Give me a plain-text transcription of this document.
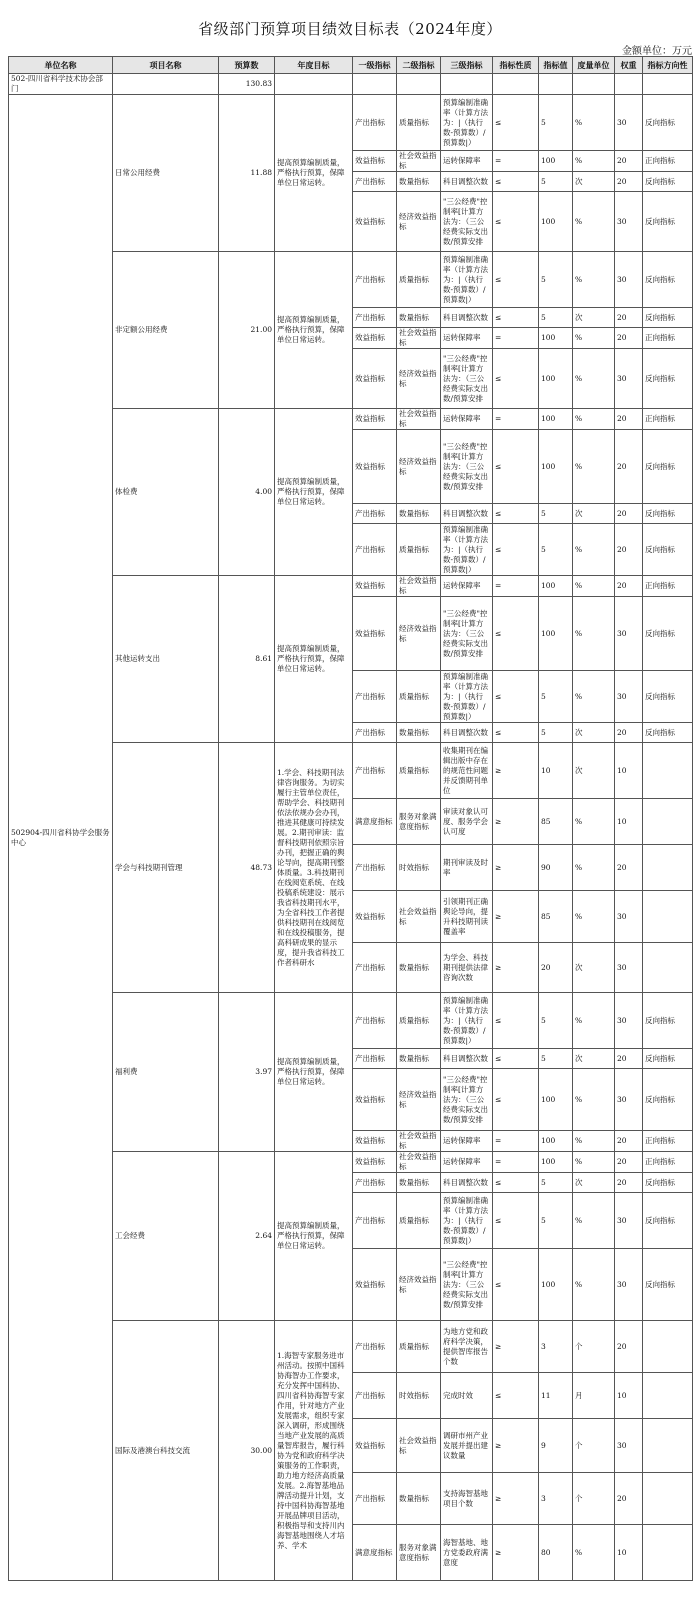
省级部门预算项目绩效目标表（2024年度）
金额单位：万元
单位名称	项目名称	预算数	年度目标	一级指标	二级指标	三级指标	指标性质	指标值	度量单位	权重	指标方向性
502-四川省科学技术协会部门		130.83									
502904-四川省科协学会服务中心	日常公用经费	11.88	提高预算编制质量，严格执行预算，保障单位日常运转。	产出指标	质量指标	预算编制准确率（计算方法为：|（执行数-预算数）/预算数|）	≤	5	%	30	反向指标
				效益指标	社会效益指标	运转保障率	=	100	%	20	正向指标
				产出指标	数量指标	科目调整次数	≤	5	次	20	反向指标
				效益指标	经济效益指标	"三公经费"控制率[计算方法为：（三公经费实际支出数/预算安排	≤	100	%	30	反向指标
	非定额公用经费	21.00	提高预算编制质量，严格执行预算，保障单位日常运转。	产出指标	质量指标	预算编制准确率（计算方法为：|（执行数-预算数）/预算数|）	≤	5	%	30	反向指标
				产出指标	数量指标	科目调整次数	≤	5	次	20	反向指标
				效益指标	社会效益指标	运转保障率	=	100	%	20	正向指标
				效益指标	经济效益指标	"三公经费"控制率[计算方法为：（三公经费实际支出数/预算安排	≤	100	%	30	反向指标
	体检费	4.00	提高预算编制质量，严格执行预算，保障单位日常运转。	效益指标	社会效益指标	运转保障率	=	100	%	20	正向指标
				效益指标	经济效益指标	"三公经费"控制率[计算方法为：（三公经费实际支出数/预算安排	≤	100	%	20	反向指标
				产出指标	数量指标	科目调整次数	≤	5	次	20	反向指标
				产出指标	质量指标	预算编制准确率（计算方法为：|（执行数-预算数）/预算数|）	≤	5	%	20	反向指标
	其他运转支出	8.61	提高预算编制质量，严格执行预算，保障单位日常运转。	效益指标	社会效益指标	运转保障率	=	100	%	20	正向指标
				效益指标	经济效益指标	"三公经费"控制率[计算方法为：（三公经费实际支出数/预算安排	≤	100	%	30	反向指标
				产出指标	质量指标	预算编制准确率（计算方法为：|（执行数-预算数）/预算数|）	≤	5	%	30	反向指标
				产出指标	数量指标	科目调整次数	≤	5	次	20	反向指标
	学会与科技期刊管理	48.73	1.学会、科技期刊法律咨询服务。为切实履行主管单位责任，帮助学会、科技期刊依法依规办会办刊，推进其健康可持续发展。2.期刊审读：监督科技期刊依照宗旨办刊，把握正确的舆论导向，提高期刊整体质量。3.科技期刊在线阅览系统、在线投稿系统建设：展示我省科技期刊水平，为全省科技工作者提供科技期刊在线阅览和在线投稿服务，提高科研成果的显示度，提升我省科技工作者科研水	产出指标	质量指标	收集期刊在编辑出版中存在的规范性问题并反馈期刊单位	≥	10	次	10	
				满意度指标	服务对象满意度指标	审读对象认可度、服务学会认可度	≥	85	%	10	
				产出指标	时效指标	期刊审读及时率	≥	90	%	20	
				效益指标	社会效益指标	引领期刊正确舆论导向，提升科技期刊读覆盖率	≥	85	%	30	
				产出指标	数量指标	为学会、科技期刊提供法律咨询次数	≥	20	次	30	
	福利费	3.97	提高预算编制质量，严格执行预算，保障单位日常运转。	产出指标	质量指标	预算编制准确率（计算方法为：|（执行数-预算数）/预算数|）	≤	5	%	30	反向指标
				产出指标	数量指标	科目调整次数	≤	5	次	20	反向指标
				效益指标	经济效益指标	"三公经费"控制率[计算方法为：（三公经费实际支出数/预算安排	≤	100	%	30	反向指标
				效益指标	社会效益指标	运转保障率	=	100	%	20	正向指标
	工会经费	2.64	提高预算编制质量，严格执行预算，保障单位日常运转。	效益指标	社会效益指标	运转保障率	=	100	%	20	正向指标
				产出指标	数量指标	科目调整次数	≤	5	次	20	反向指标
				产出指标	质量指标	预算编制准确率（计算方法为：|（执行数-预算数）/预算数|）	≤	5	%	30	反向指标
				效益指标	经济效益指标	"三公经费"控制率[计算方法为：（三公经费实际支出数/预算安排	≤	100	%	30	反向指标
	国际及港澳台科技交流	30.00	1.海智专家服务进市州活动。按照中国科协海智办工作要求，充分发挥中国科协、四川省科协海智专家作用，针对地方产业发展需求，组织专家深入调研，形成围绕当地产业发展的高质量智库报告，履行科协为党和政府科学决策服务的工作职责，助力地方经济高质量发展。2.海智基地品牌活动提升计划，支持中国科协海智基地开展品牌项目活动，积极指导和支持川内海智基地围绕人才培养、学术	产出指标	质量指标	为地方党和政府科学决策，提供智库报告个数	≥	3	个	20	
				产出指标	时效指标	完成时效	≤	11	月	10	
				效益指标	社会效益指标	调研市州产业发展并提出建议数量	≥	9	个	30	
				产出指标	数量指标	支持海智基地项目个数	≥	3	个	20	
				满意度指标	服务对象满意度指标	海智基地、地方党委政府满意度	≥	80	%	10	
